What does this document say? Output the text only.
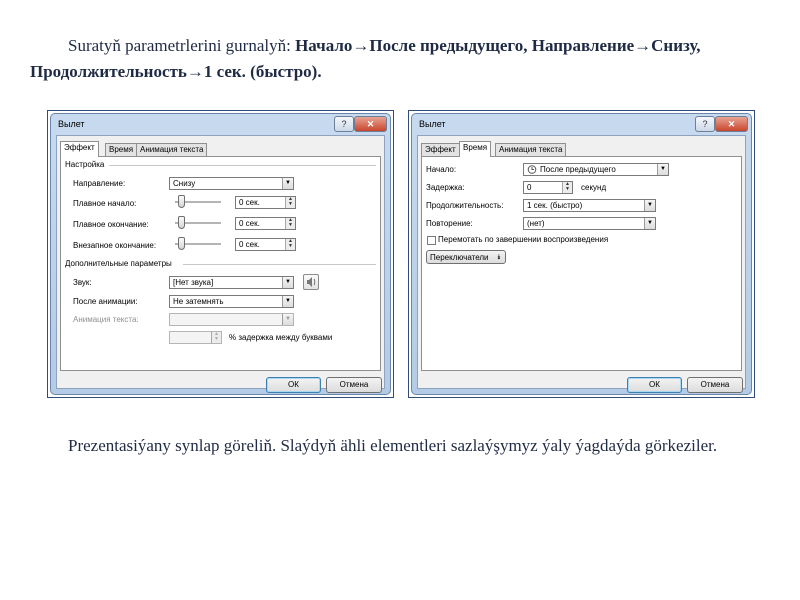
Suratyň parametrlerini gurnalyň: Начало→После предыдущего, Направление→Снизу, Продолжительность→1 сек. (быстро).

Вылет	?	✕
Эффект	Время Анимация текста
Настройка
Направление:	Снизу	▼
Плавное начало:	0 сек.	▲
▼
Плавное окончание:	0 сек.	▲
▼
Внезапное окончание:	0 сек.	▲
▼
Дополнительные параметры
Звук:	[Нет звука]	▼
После анимации:	Не затемнять	▼
Анимация текста:	▼
▲
▼ % задержка между буквами
ОК	Отмена
Вылет	?	✕
Эффект Время	Анимация текста
Начало:	После предыдущего	▼
Задержка:	0	▲
▼ секунд
Продолжительность:	1 сек. (быстро)	▼
Повторение:	(нет)	▼
Перемотать по завершении воспроизведения
Переключатели ⯯
ОК	Отмена

Prezentasiýany synlap göreliň. Slaýdyň ähli elementleri sazlaýşymyz ýaly ýagdaýda görkeziler.
